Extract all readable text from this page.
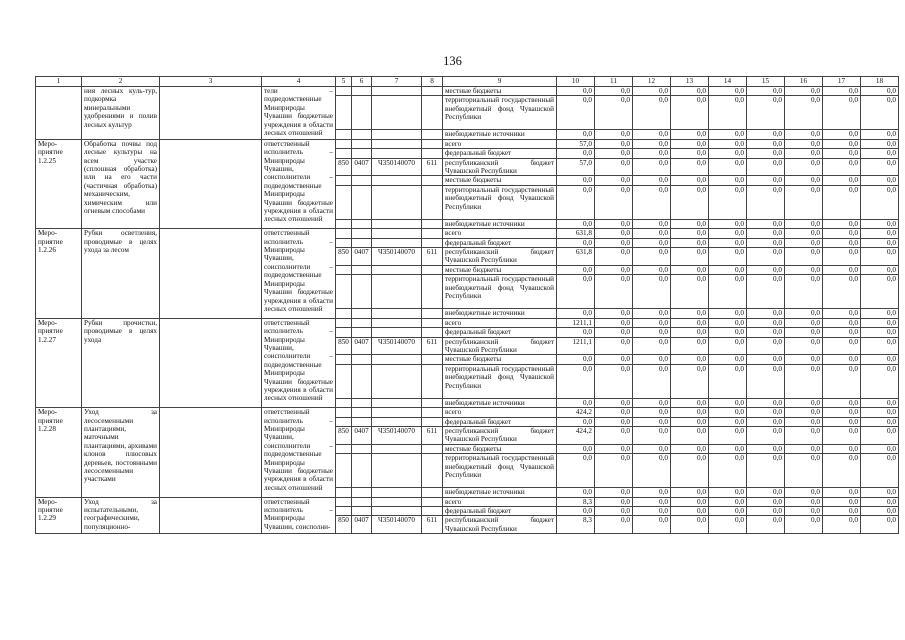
136
1	2	3	4	5	6	7	8	9	10	11	12	13	14	15	16	17	18
	ния лесных куль-тур, подкормка минеральными удобрениями и полив лесных культур		тели – подведомственные Минприроды Чувашии бюджетные учреждения в области лесных отношений					местные бюджеты	0,0	0,0	0,0	0,0	0,0	0,0	0,0	0,0	0,0
								территориальный государственный внебюджетный фонд Чувашской Республики	0,0	0,0	0,0	0,0	0,0	0,0	0,0	0,0	0,0
								внебюджетные источники	0,0	0,0	0,0	0,0	0,0	0,0	0,0	0,0	0,0
Меро-приятие 1.2.25	Обработка почвы под лесные культуры на всем участке (сплошная обработка) или на его части (частичная обработка) механическим, химическим или огневым способами		ответственный исполнитель – Минприроды Чувашии, соисполнители – подведомственные Минприроды Чувашии бюджетные учреждения в области лесных отношений					всего	57,0	0,0	0,0	0,0	0,0	0,0	0,0	0,0	0,0
								федеральный бюджет	0,0	0,0	0,0	0,0	0,0	0,0	0,0	0,0	0,0
				850	0407	Ч350140070	611	республиканский бюджет Чувашской Республики	57,0	0,0	0,0	0,0	0,0	0,0	0,0	0,0	0,0
								местные бюджеты	0,0	0,0	0,0	0,0	0,0	0,0	0,0	0,0	0,0
								территориальный государственный внебюджетный фонд Чувашской Республики	0,0	0,0	0,0	0,0	0,0	0,0	0,0	0,0	0,0
								внебюджетные источники	0,0	0,0	0,0	0,0	0,0	0,0	0,0	0,0	0,0
Меро-приятие 1.2.26	Рубки осветления, проводимые в целях ухода за лесом		ответственный исполнитель – Минприроды Чувашии, соисполнители – подведомственные Минприроды Чувашии бюджетные учреждения в области лесных отношений					всего	631,8	0,0	0,0	0,0	0,0	0,0	0,0	0,0	0,0
								федеральный бюджет	0,0	0,0	0,0	0,0	0,0	0,0	0,0	0,0	0,0
				850	0407	Ч350140070	611	республиканский бюджет Чувашской Республики	631,8	0,0	0,0	0,0	0,0	0,0	0,0	0,0	0,0
								местные бюджеты	0,0	0,0	0,0	0,0	0,0	0,0	0,0	0,0	0,0
								территориальный государственный внебюджетный фонд Чувашской Республики	0,0	0,0	0,0	0,0	0,0	0,0	0,0	0,0	0,0
								внебюджетные источники	0,0	0,0	0,0	0,0	0,0	0,0	0,0	0,0	0,0
Меро-приятие 1.2.27	Рубки прочистки, проводимые в целях ухода		ответственный исполнитель – Минприроды Чувашии, соисполнители – подведомственные Минприроды Чувашии бюджетные учреждения в области лесных отношений					всего	1211,1	0,0	0,0	0,0	0,0	0,0	0,0	0,0	0,0
								федеральный бюджет	0,0	0,0	0,0	0,0	0,0	0,0	0,0	0,0	0,0
				850	0407	Ч350140070	611	республиканский бюджет Чувашской Республики	1211,1	0,0	0,0	0,0	0,0	0,0	0,0	0,0	0,0
								местные бюджеты	0,0	0,0	0,0	0,0	0,0	0,0	0,0	0,0	0,0
								территориальный государственный внебюджетный фонд Чувашской Республики	0,0	0,0	0,0	0,0	0,0	0,0	0,0	0,0	0,0
								внебюджетные источники	0,0	0,0	0,0	0,0	0,0	0,0	0,0	0,0	0,0
Меро-приятие 1.2.28	Уход за лесосеменными плантациями, маточными плантациями, архивами клонов плюсовых деревьев, постоянными лесосеменными участками		ответственный исполнитель – Минприроды Чувашии, соисполнители – подведомственные Минприроды Чувашии бюджетные учреждения в области лесных отношений					всего	424,2	0,0	0,0	0,0	0,0	0,0	0,0	0,0	0,0
								федеральный бюджет	0,0	0,0	0,0	0,0	0,0	0,0	0,0	0,0	0,0
				850	0407	Ч350140070	611	республиканский бюджет Чувашской Республики	424,2	0,0	0,0	0,0	0,0	0,0	0,0	0,0	0,0
								местные бюджеты	0,0	0,0	0,0	0,0	0,0	0,0	0,0	0,0	0,0
								территориальный государственный внебюджетный фонд Чувашской Республики	0,0	0,0	0,0	0,0	0,0	0,0	0,0	0,0	0,0
								внебюджетные источники	0,0	0,0	0,0	0,0	0,0	0,0	0,0	0,0	0,0
Меро-приятие 1.2.29	Уход за испытательными, географическими, популяционно-		ответственный исполнитель – Минприроды Чувашии, соисполни-					всего	8,3	0,0	0,0	0,0	0,0	0,0	0,0	0,0	0,0
								федеральный бюджет	0,0	0,0	0,0	0,0	0,0	0,0	0,0	0,0	0,0
				850	0407	Ч350140070	611	республиканский бюджет Чувашской Республики	8,3	0,0	0,0	0,0	0,0	0,0	0,0	0,0	0,0
